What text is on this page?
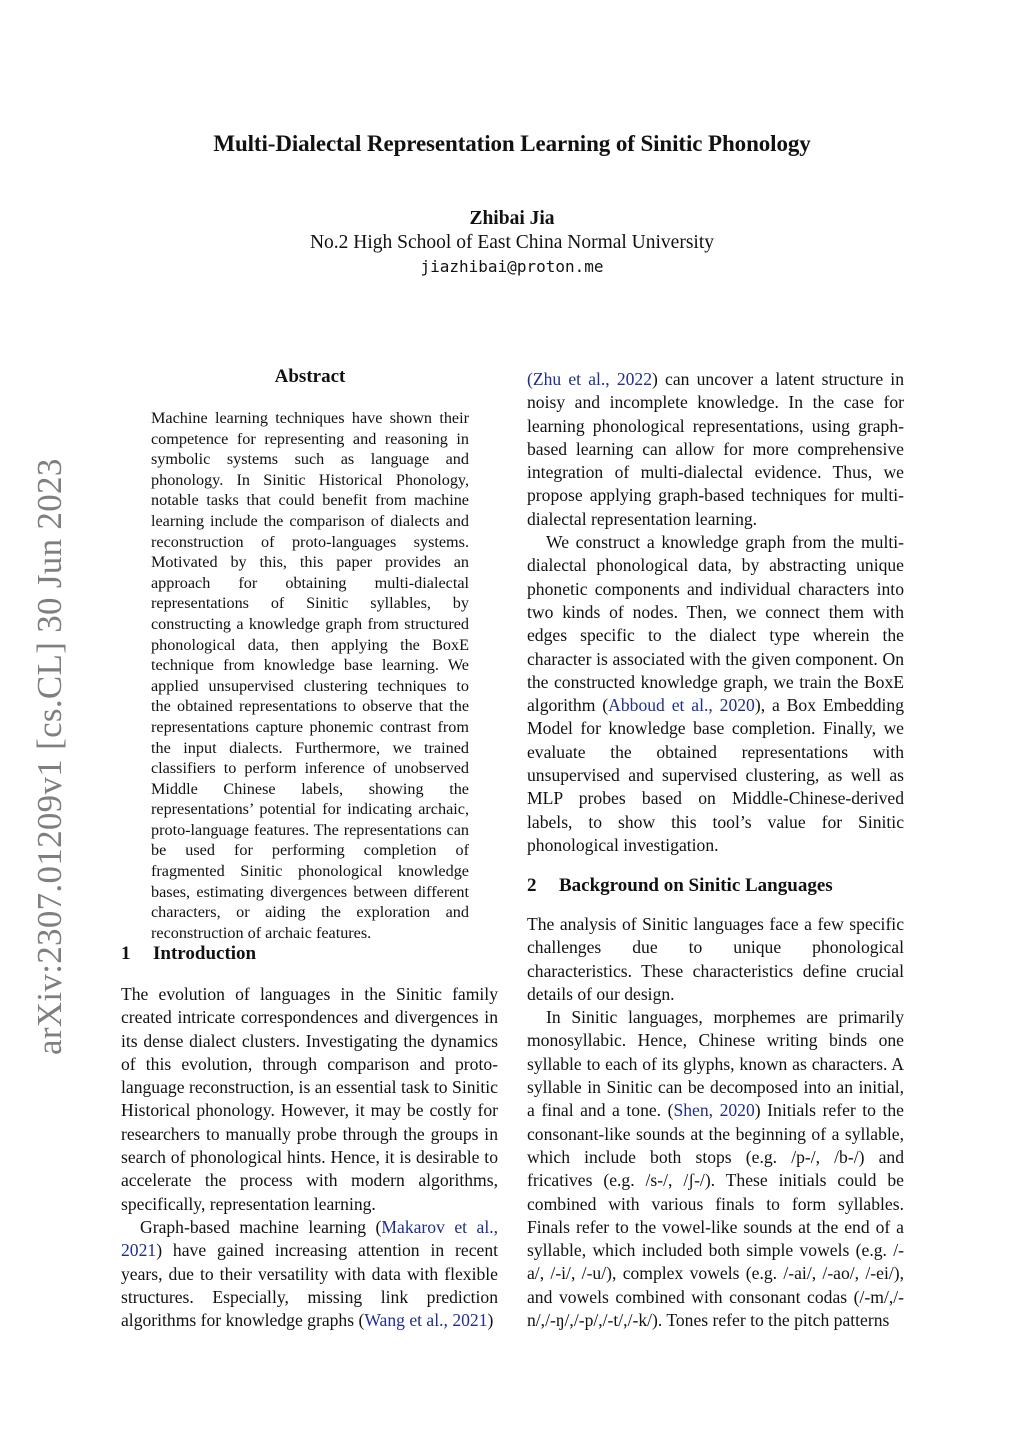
arXiv:2307.01209v1 [cs.CL] 30 Jun 2023
Multi-Dialectal Representation Learning of Sinitic Phonology
Zhibai Jia
No.2 High School of East China Normal University
jiazhibai@proton.me
Abstract
Machine learning techniques have shown their competence for representing and reasoning in symbolic systems such as language and phonology. In Sinitic Historical Phonology, notable tasks that could benefit from machine learning include the comparison of dialects and reconstruction of proto-languages systems. Motivated by this, this paper provides an approach for obtaining multi-dialectal representations of Sinitic syllables, by constructing a knowledge graph from structured phonological data, then applying the BoxE technique from knowledge base learning. We applied unsupervised clustering techniques to the obtained representations to observe that the representations capture phonemic contrast from the input dialects. Furthermore, we trained classifiers to perform inference of unobserved Middle Chinese labels, showing the representations’ potential for indicating archaic, proto-language features. The representations can be used for performing completion of fragmented Sinitic phonological knowledge bases, estimating divergences between different characters, or aiding the exploration and reconstruction of archaic features.
1 Introduction

The evolution of languages in the Sinitic family created intricate correspondences and divergences in its dense dialect clusters. Investigating the dynamics of this evolution, through comparison and proto-language reconstruction, is an essential task to Sinitic Historical phonology. However, it may be costly for researchers to manually probe through the groups in search of phonological hints. Hence, it is desirable to accelerate the process with modern algorithms, specifically, representation learning.

Graph-based machine learning (Makarov et al., 2021) have gained increasing attention in recent years, due to their versatility with data with flexible structures. Especially, missing link prediction algorithms for knowledge graphs (Wang et al., 2021)

(Zhu et al., 2022) can uncover a latent structure in noisy and incomplete knowledge. In the case for learning phonological representations, using graph-based learning can allow for more comprehensive integration of multi-dialectal evidence. Thus, we propose applying graph-based techniques for multi-dialectal representation learning.

We construct a knowledge graph from the multi-dialectal phonological data, by abstracting unique phonetic components and individual characters into two kinds of nodes. Then, we connect them with edges specific to the dialect type wherein the character is associated with the given component. On the constructed knowledge graph, we train the BoxE algorithm (Abboud et al., 2020), a Box Embedding Model for knowledge base completion. Finally, we evaluate the obtained representations with unsupervised and supervised clustering, as well as MLP probes based on Middle-Chinese-derived labels, to show this tool’s value for Sinitic phonological investigation.

2 Background on Sinitic Languages

The analysis of Sinitic languages face a few specific challenges due to unique phonological characteristics. These characteristics define crucial details of our design.

In Sinitic languages, morphemes are primarily monosyllabic. Hence, Chinese writing binds one syllable to each of its glyphs, known as characters. A syllable in Sinitic can be decomposed into an initial, a final and a tone. (Shen, 2020) Initials refer to the consonant-like sounds at the beginning of a syllable, which include both stops (e.g. /p-/, /b-/) and fricatives (e.g. /s-/, /ʃ-/). These initials could be combined with various finals to form syllables. Finals refer to the vowel-like sounds at the end of a syllable, which included both simple vowels (e.g. /-a/, /-i/, /-u/), complex vowels (e.g. /-ai/, /-ao/, /-ei/), and vowels combined with consonant codas (/-m/,/-n/,/-ŋ/,/-p/,/-t/,/-k/). Tones refer to the pitch patterns
